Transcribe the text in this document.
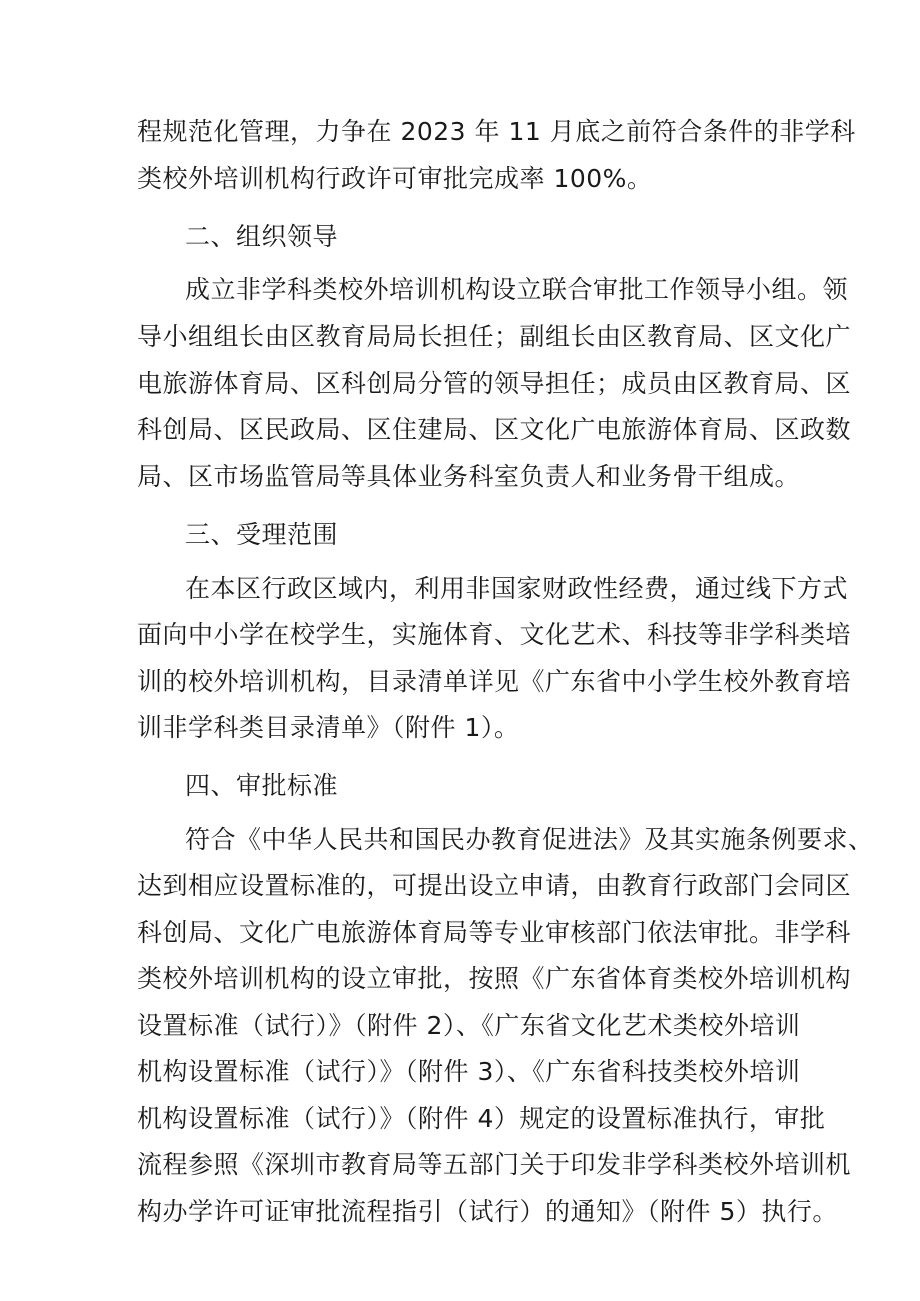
程规范化管理，力争在 2023 年 11 月底之前符合条件的非学科
类校外培训机构行政许可审批完成率 100%。
二、组织领导
成立非学科类校外培训机构设立联合审批工作领导小组。领
导小组组长由区教育局局长担任；副组长由区教育局、区文化广
电旅游体育局、区科创局分管的领导担任；成员由区教育局、区
科创局、区民政局、区住建局、区文化广电旅游体育局、区政数
局、区市场监管局等具体业务科室负责人和业务骨干组成。
三、受理范围
在本区行政区域内，利用非国家财政性经费，通过线下方式
面向中小学在校学生，实施体育、文化艺术、科技等非学科类培
训的校外培训机构，目录清单详见《广东省中小学生校外教育培
训非学科类目录清单》（附件 1）。
四、审批标准
符合《中华人民共和国民办教育促进法》及其实施条例要求、
达到相应设置标准的，可提出设立申请，由教育行政部门会同区
科创局、文化广电旅游体育局等专业审核部门依法审批。非学科
类校外培训机构的设立审批，按照《广东省体育类校外培训机构
设置标准（试行）》（附件 2）、《广东省文化艺术类校外培训
机构设置标准（试行）》（附件 3）、《广东省科技类校外培训
机构设置标准（试行）》（附件 4）规定的设置标准执行，审批
流程参照《深圳市教育局等五部门关于印发非学科类校外培训机
构办学许可证审批流程指引（试行）的通知》（附件 5）执行。
